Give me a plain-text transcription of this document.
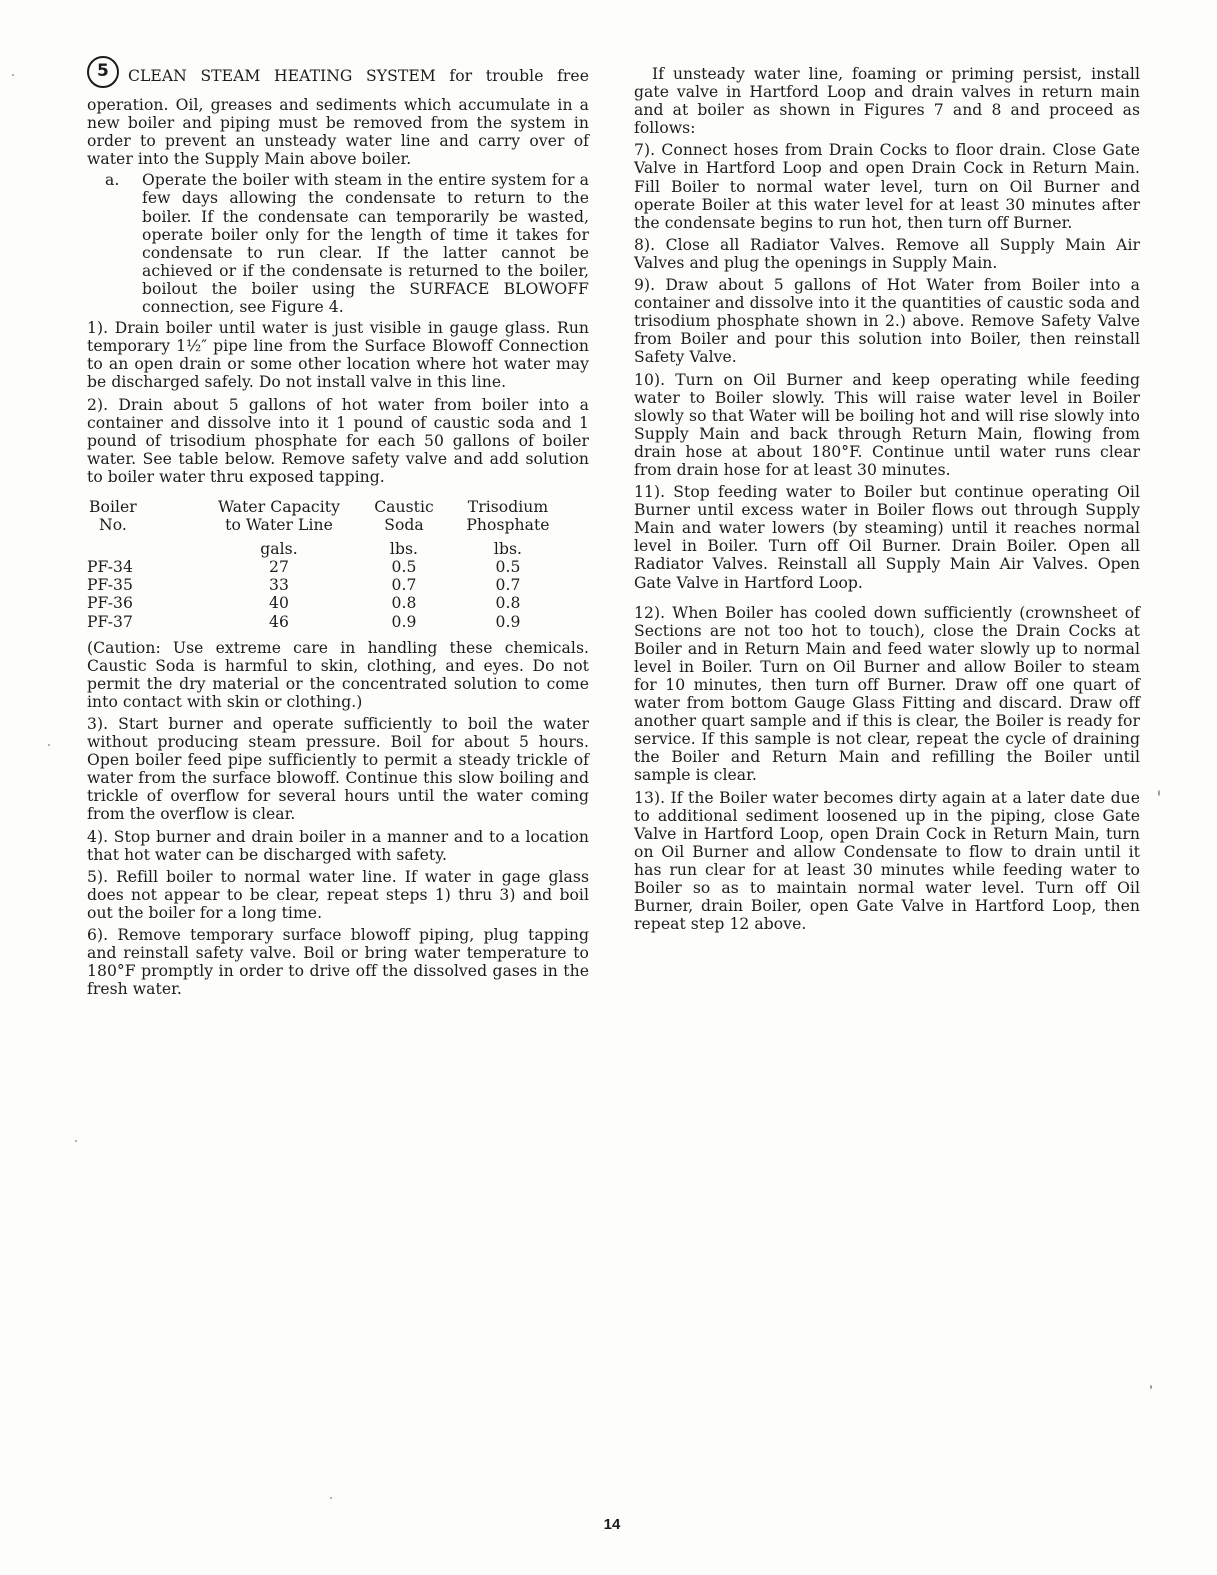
5 CLEAN STEAM HEATING SYSTEM for trouble free operation. Oil, greases and sediments which accumulate in a new boiler and piping must be removed from the system in order to prevent an unsteady water line and carry over of water into the Supply Main above boiler.

a.	Operate the boiler with steam in the entire system for a few days allowing the condensate to return to the boiler. If the condensate can temporarily be wasted, operate boiler only for the length of time it takes for condensate to run clear. If the latter cannot be achieved or if the condensate is returned to the boiler, boilout the boiler using the SURFACE BLOWOFF connection, see Figure 4.

1). Drain boiler until water is just visible in gauge glass. Run temporary 1½″ pipe line from the Surface Blowoff Connection to an open drain or some other location where hot water may be discharged safely. Do not install valve in this line.

2). Drain about 5 gallons of hot water from boiler into a container and dissolve into it 1 pound of caustic soda and 1 pound of trisodium phosphate for each 50 gallons of boiler water. See table below. Remove safety valve and add solution to boiler water thru exposed tapping.

Boiler	Water Capacity	Caustic	Trisodium
No.	to Water Line	Soda	Phosphate
	gals.	lbs.	lbs.
PF-34	27	0.5	0.5
PF-35	33	0.7	0.7
PF-36	40	0.8	0.8
PF-37	46	0.9	0.9

(Caution: Use extreme care in handling these chemicals. Caustic Soda is harmful to skin, clothing, and eyes. Do not permit the dry material or the concentrated solution to come into contact with skin or clothing.)

3). Start burner and operate sufficiently to boil the water without producing steam pressure. Boil for about 5 hours. Open boiler feed pipe sufficiently to permit a steady trickle of water from the surface blowoff. Continue this slow boiling and trickle of overflow for several hours until the water coming from the overflow is clear.

4). Stop burner and drain boiler in a manner and to a location that hot water can be discharged with safety.

5). Refill boiler to normal water line. If water in gage glass does not appear to be clear, repeat steps 1) thru 3) and boil out the boiler for a long time.

6). Remove temporary surface blowoff piping, plug tapping and reinstall safety valve. Boil or bring water temperature to 180°F promptly in order to drive off the dissolved gases in the fresh water.

If unsteady water line, foaming or priming persist, install gate valve in Hartford Loop and drain valves in return main and at boiler as shown in Figures 7 and 8 and proceed as follows:

7). Connect hoses from Drain Cocks to floor drain. Close Gate Valve in Hartford Loop and open Drain Cock in Return Main. Fill Boiler to normal water level, turn on Oil Burner and operate Boiler at this water level for at least 30 minutes after the condensate begins to run hot, then turn off Burner.

8). Close all Radiator Valves. Remove all Supply Main Air Valves and plug the openings in Supply Main.

9). Draw about 5 gallons of Hot Water from Boiler into a container and dissolve into it the quantities of caustic soda and trisodium phosphate shown in 2.) above. Remove Safety Valve from Boiler and pour this solution into Boiler, then reinstall Safety Valve.

10). Turn on Oil Burner and keep operating while feeding water to Boiler slowly. This will raise water level in Boiler slowly so that Water will be boiling hot and will rise slowly into Supply Main and back through Return Main, flowing from drain hose at about 180°F. Continue until water runs clear from drain hose for at least 30 minutes.

11). Stop feeding water to Boiler but continue operating Oil Burner until excess water in Boiler flows out through Supply Main and water lowers (by steaming) until it reaches normal level in Boiler. Turn off Oil Burner. Drain Boiler. Open all Radiator Valves. Reinstall all Supply Main Air Valves. Open Gate Valve in Hartford Loop.

12). When Boiler has cooled down sufficiently (crownsheet of Sections are not too hot to touch), close the Drain Cocks at Boiler and in Return Main and feed water slowly up to normal level in Boiler. Turn on Oil Burner and allow Boiler to steam for 10 minutes, then turn off Burner. Draw off one quart of water from bottom Gauge Glass Fitting and discard. Draw off another quart sample and if this is clear, the Boiler is ready for service. If this sample is not clear, repeat the cycle of draining the Boiler and Return Main and refilling the Boiler until sample is clear.

13). If the Boiler water becomes dirty again at a later date due to additional sediment loosened up in the piping, close Gate Valve in Hartford Loop, open Drain Cock in Return Main, turn on Oil Burner and allow Condensate to flow to drain until it has run clear for at least 30 minutes while feeding water to Boiler so as to maintain normal water level. Turn off Oil Burner, drain Boiler, open Gate Valve in Hartford Loop, then repeat step 12 above.

14
